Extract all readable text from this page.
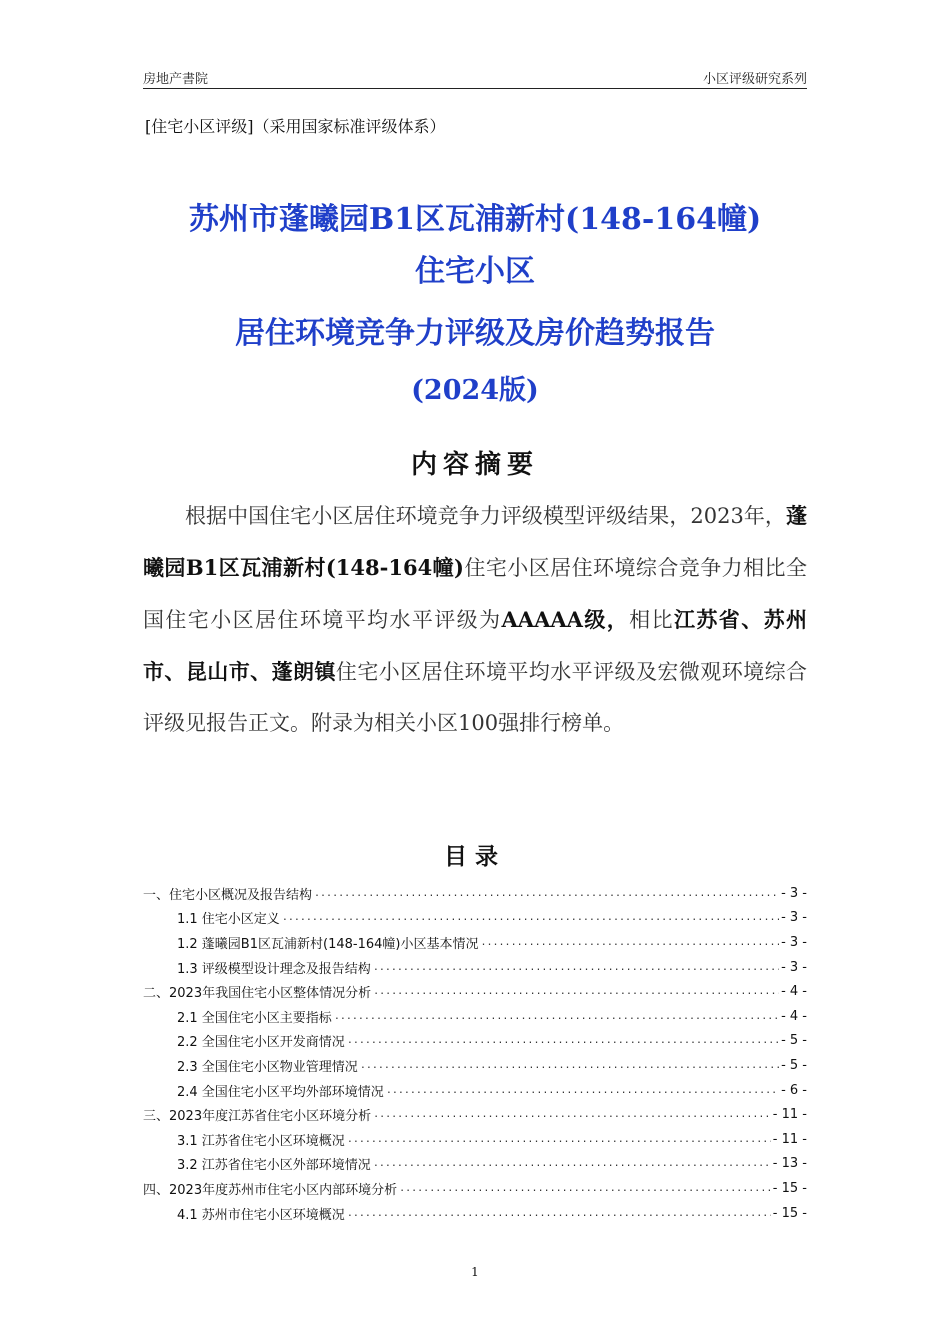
房地产書院	小区评级研究系列
[住宅小区评级]（采用国家标准评级体系）
苏州市蓬曦园B1区瓦浦新村(148-164幢)
住宅小区
居住环境竞争力评级及房价趋势报告
(2024版)
内容摘要
根据中国住宅小区居住环境竞争力评级模型评级结果，2023年，蓬曦园B1区瓦浦新村(148-164幢)住宅小区居住环境综合竞争力相比全国住宅小区居住环境平均水平评级为AAAAA级，相比江苏省、苏州市、昆山市、蓬朗镇住宅小区居住环境平均水平评级及宏微观环境综合评级见报告正文。附录为相关小区100强排行榜单。
目录
一、住宅小区概况及报告结构 .....	- 3 -
1.1 住宅小区定义 .....	- 3 -
1.2 蓬曦园B1区瓦浦新村(148-164幢)小区基本情况 .....	- 3 -
1.3 评级模型设计理念及报告结构 .....	- 3 -
二、2023年我国住宅小区整体情况分析 .....	- 4 -
2.1 全国住宅小区主要指标 .....	- 4 -
2.2 全国住宅小区开发商情况 .....	- 5 -
2.3 全国住宅小区物业管理情况 .....	- 5 -
2.4 全国住宅小区平均外部环境情况 .....	- 6 -
三、2023年度江苏省住宅小区环境分析 .....	- 11 -
3.1 江苏省住宅小区环境概况 .....	- 11 -
3.2 江苏省住宅小区外部环境情况 .....	- 13 -
四、2023年度苏州市住宅小区内部环境分析 .....	- 15 -
4.1 苏州市住宅小区环境概况 .....	- 15 -
1
